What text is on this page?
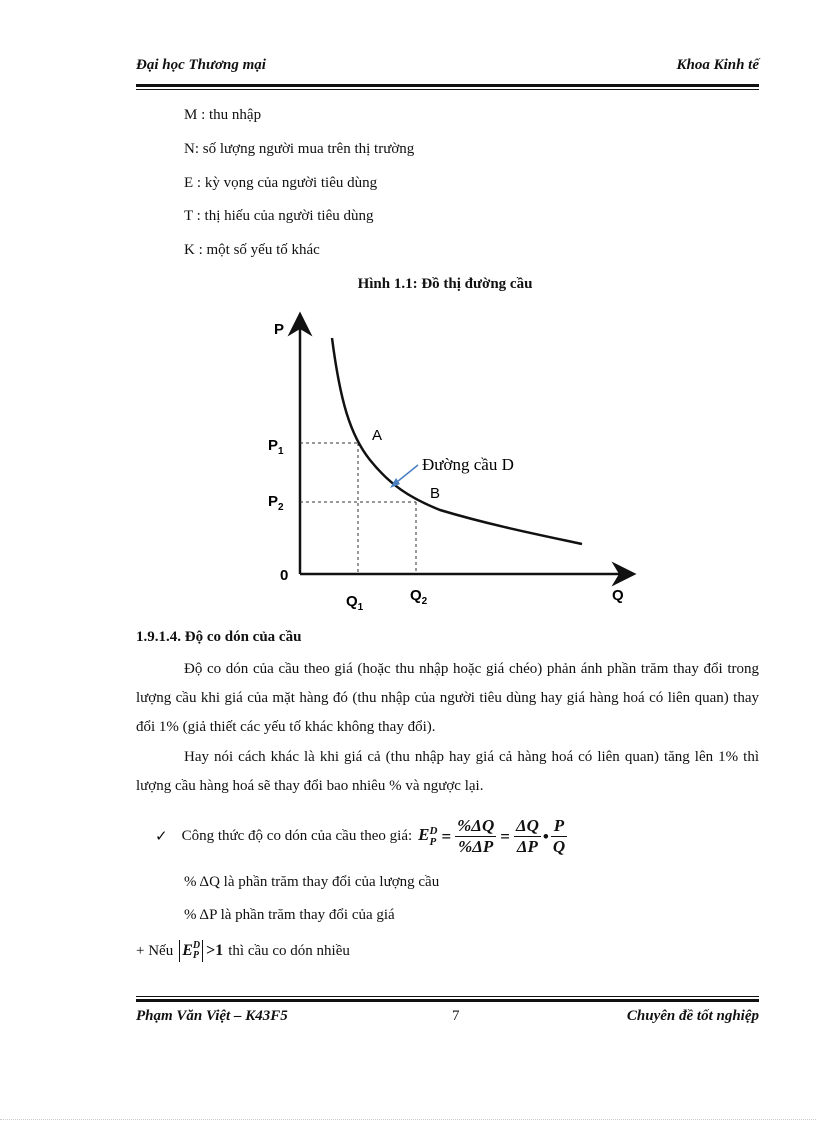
Đại học Thương mại	Khoa Kinh tế
M : thu nhập
N: số lượng người mua trên thị trường
E : kỳ vọng của người tiêu dùng
T : thị hiếu của người tiêu dùng
K : một số yếu tố khác
Hình 1.1: Đồ thị đường cầu
P
Q
0
$P_1$
$P_2$
$Q_1$
$Q_2$
A
B
Đường cầu D
1.9.1.4. Độ co dón của cầu
Độ co dón của cầu theo giá (hoặc thu nhập hoặc giá chéo) phản ánh phần trăm thay đổi trong lượng cầu khi giá của mặt hàng đó (thu nhập của người tiêu dùng hay giá hàng hoá có liên quan) thay đổi 1% (giả thiết các yếu tố khác không thay đổi).
Hay nói cách khác là khi giá cả (thu nhập hay giá cả hàng hoá có liên quan) tăng lên 1% thì lượng cầu hàng hoá sẽ thay đổi bao nhiêu % và ngược lại.
✓ Công thức độ co dón của cầu theo giá: E D
$P = \frac{\%\Delta Q}{\%\Delta P} = \frac{\Delta Q}{\Delta P}$ • $\frac{P}{Q}$
% ΔQ là phần trăm thay đổi của lượng cầu
% ΔP là phần trăm thay đổi của giá
+ Nếu E D
P >1 thì cầu co dón nhiều
Phạm Văn Việt – K43F5	7	Chuyên đề tốt nghiệp
